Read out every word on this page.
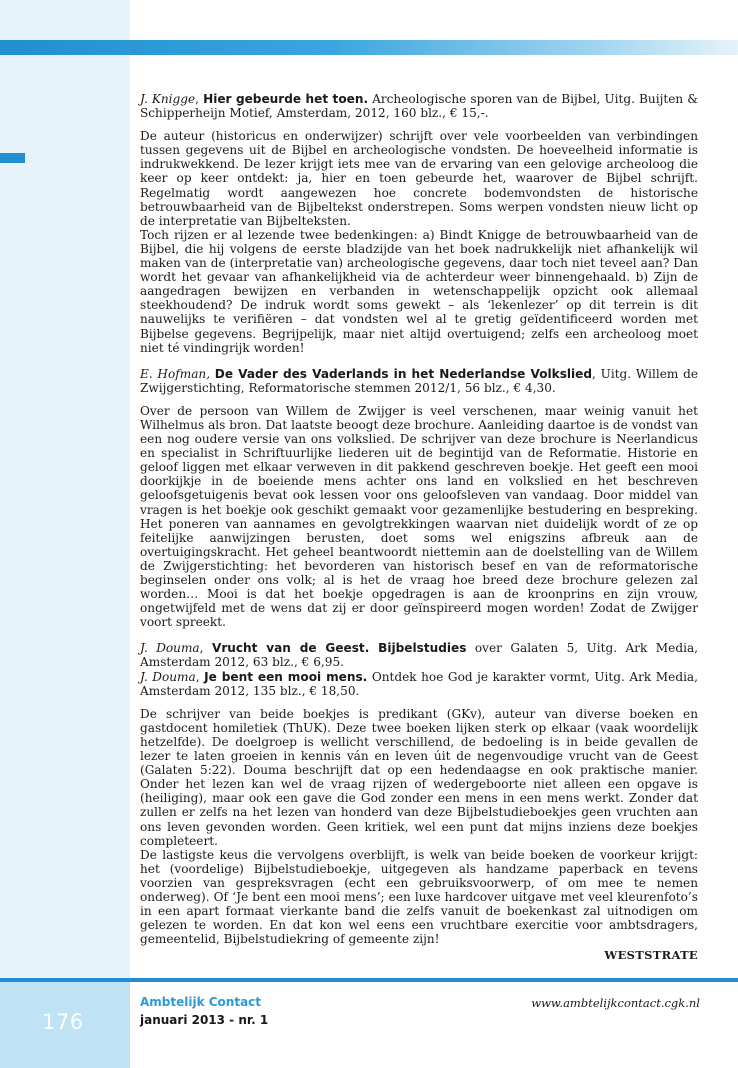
J. Knigge, Hier gebeurde het toen. Archeologische sporen van de Bijbel, Uitg. Buijten & Schipperheijn Motief, Amsterdam, 2012, 160 blz., € 15,-.

De auteur (historicus en onderwijzer) schrijft over vele voorbeelden van verbindingen tussen gegevens uit de Bijbel en archeologische vondsten. De hoeveelheid informatie is indrukwekkend. De lezer krijgt iets mee van de ervaring van een gelovige archeoloog die keer op keer ontdekt: ja, hier en toen gebeurde het, waarover de Bijbel schrijft. Regelmatig wordt aangewezen hoe concrete bodemvondsten de historische betrouwbaarheid van de Bijbeltekst onderstrepen. Soms werpen vondsten nieuw licht op de interpretatie van Bijbelteksten.

Toch rijzen er al lezende twee bedenkingen: a) Bindt Knigge de betrouwbaarheid van de Bijbel, die hij volgens de eerste bladzijde van het boek nadrukkelijk niet afhankelijk wil maken van de (interpretatie van) archeologische gegevens, daar toch niet teveel aan? Dan wordt het gevaar van afhankelijkheid via de achterdeur weer binnengehaald. b) Zijn de aangedragen bewijzen en verbanden in wetenschappelijk opzicht ook allemaal steekhoudend? De indruk wordt soms gewekt – als ‘lekenlezer’ op dit terrein is dit nauwelijks te verifiëren – dat vondsten wel al te gretig geïdentificeerd worden met Bijbelse gegevens. Begrijpelijk, maar niet altijd overtuigend; zelfs een archeoloog moet niet té vindingrijk worden!

E. Hofman, De Vader des Vaderlands in het Nederlandse Volkslied, Uitg. Willem de Zwijgerstichting, Reformatorische stemmen 2012/1, 56 blz., € 4,30.

Over de persoon van Willem de Zwijger is veel verschenen, maar weinig vanuit het Wilhelmus als bron. Dat laatste beoogt deze brochure. Aanleiding daartoe is de vondst van een nog oudere versie van ons volkslied. De schrijver van deze brochure is Neerlandicus en specialist in Schriftuurlijke liederen uit de begintijd van de Reformatie. Historie en geloof liggen met elkaar verweven in dit pakkend geschreven boekje. Het geeft een mooi doorkijkje in de boeiende mens achter ons land en volkslied en het beschreven geloofsgetuigenis bevat ook lessen voor ons geloofsleven van vandaag. Door middel van vragen is het boekje ook geschikt gemaakt voor gezamenlijke bestudering en bespreking. Het poneren van aannames en gevolgtrekkingen waarvan niet duidelijk wordt of ze op feitelijke aanwijzingen berusten, doet soms wel enigszins afbreuk aan de overtuigingskracht. Het geheel beantwoordt niettemin aan de doelstelling van de Willem de Zwijgerstichting: het bevorderen van historisch besef en van de reformatorische beginselen onder ons volk; al is het de vraag hoe breed deze brochure gelezen zal worden… Mooi is dat het boekje opgedragen is aan de kroonprins en zijn vrouw, ongetwijfeld met de wens dat zij er door geïnspireerd mogen worden! Zodat de Zwijger voort spreekt.

J. Douma, Vrucht van de Geest. Bijbelstudies over Galaten 5, Uitg. Ark Media, Amsterdam 2012, 63 blz., € 6,95.

J. Douma, Je bent een mooi mens. Ontdek hoe God je karakter vormt, Uitg. Ark Media, Amsterdam 2012, 135 blz., € 18,50.

De schrijver van beide boekjes is predikant (GKv), auteur van diverse boeken en gastdocent homiletiek (ThUK). Deze twee boeken lijken sterk op elkaar (vaak woordelijk hetzelfde). De doelgroep is wellicht verschillend, de bedoeling is in beide gevallen de lezer te laten groeien in kennis ván en leven úit de negenvoudige vrucht van de Geest (Galaten 5:22). Douma beschrijft dat op een hedendaagse en ook praktische manier. Onder het lezen kan wel de vraag rijzen of wedergeboorte niet alleen een opgave is (heiliging), maar ook een gave die God zonder een mens in een mens werkt. Zonder dat zullen er zelfs na het lezen van honderd van deze Bijbelstudieboekjes geen vruchten aan ons leven gevonden worden. Geen kritiek, wel een punt dat mijns inziens deze boekjes completeert.

De lastigste keus die vervolgens overblijft, is welk van beide boeken de voorkeur krijgt: het (voordelige) Bijbelstudieboekje, uitgegeven als handzame paperback en tevens voorzien van gespreksvragen (echt een gebruiksvoorwerp, of om mee te nemen onderweg). Of ‘Je bent een mooi mens’; een luxe hardcover uitgave met veel kleurenfoto’s in een apart formaat vierkante band die zelfs vanuit de boekenkast zal uitnodigen om gelezen te worden. En dat kon wel eens een vruchtbare exercitie voor ambtsdragers, gemeentelid, Bijbelstudiekring of gemeente zijn!

WESTSTRATE

176
Ambtelijk Contact
januari 2013 - nr. 1
www.ambtelijkcontact.cgk.nl
